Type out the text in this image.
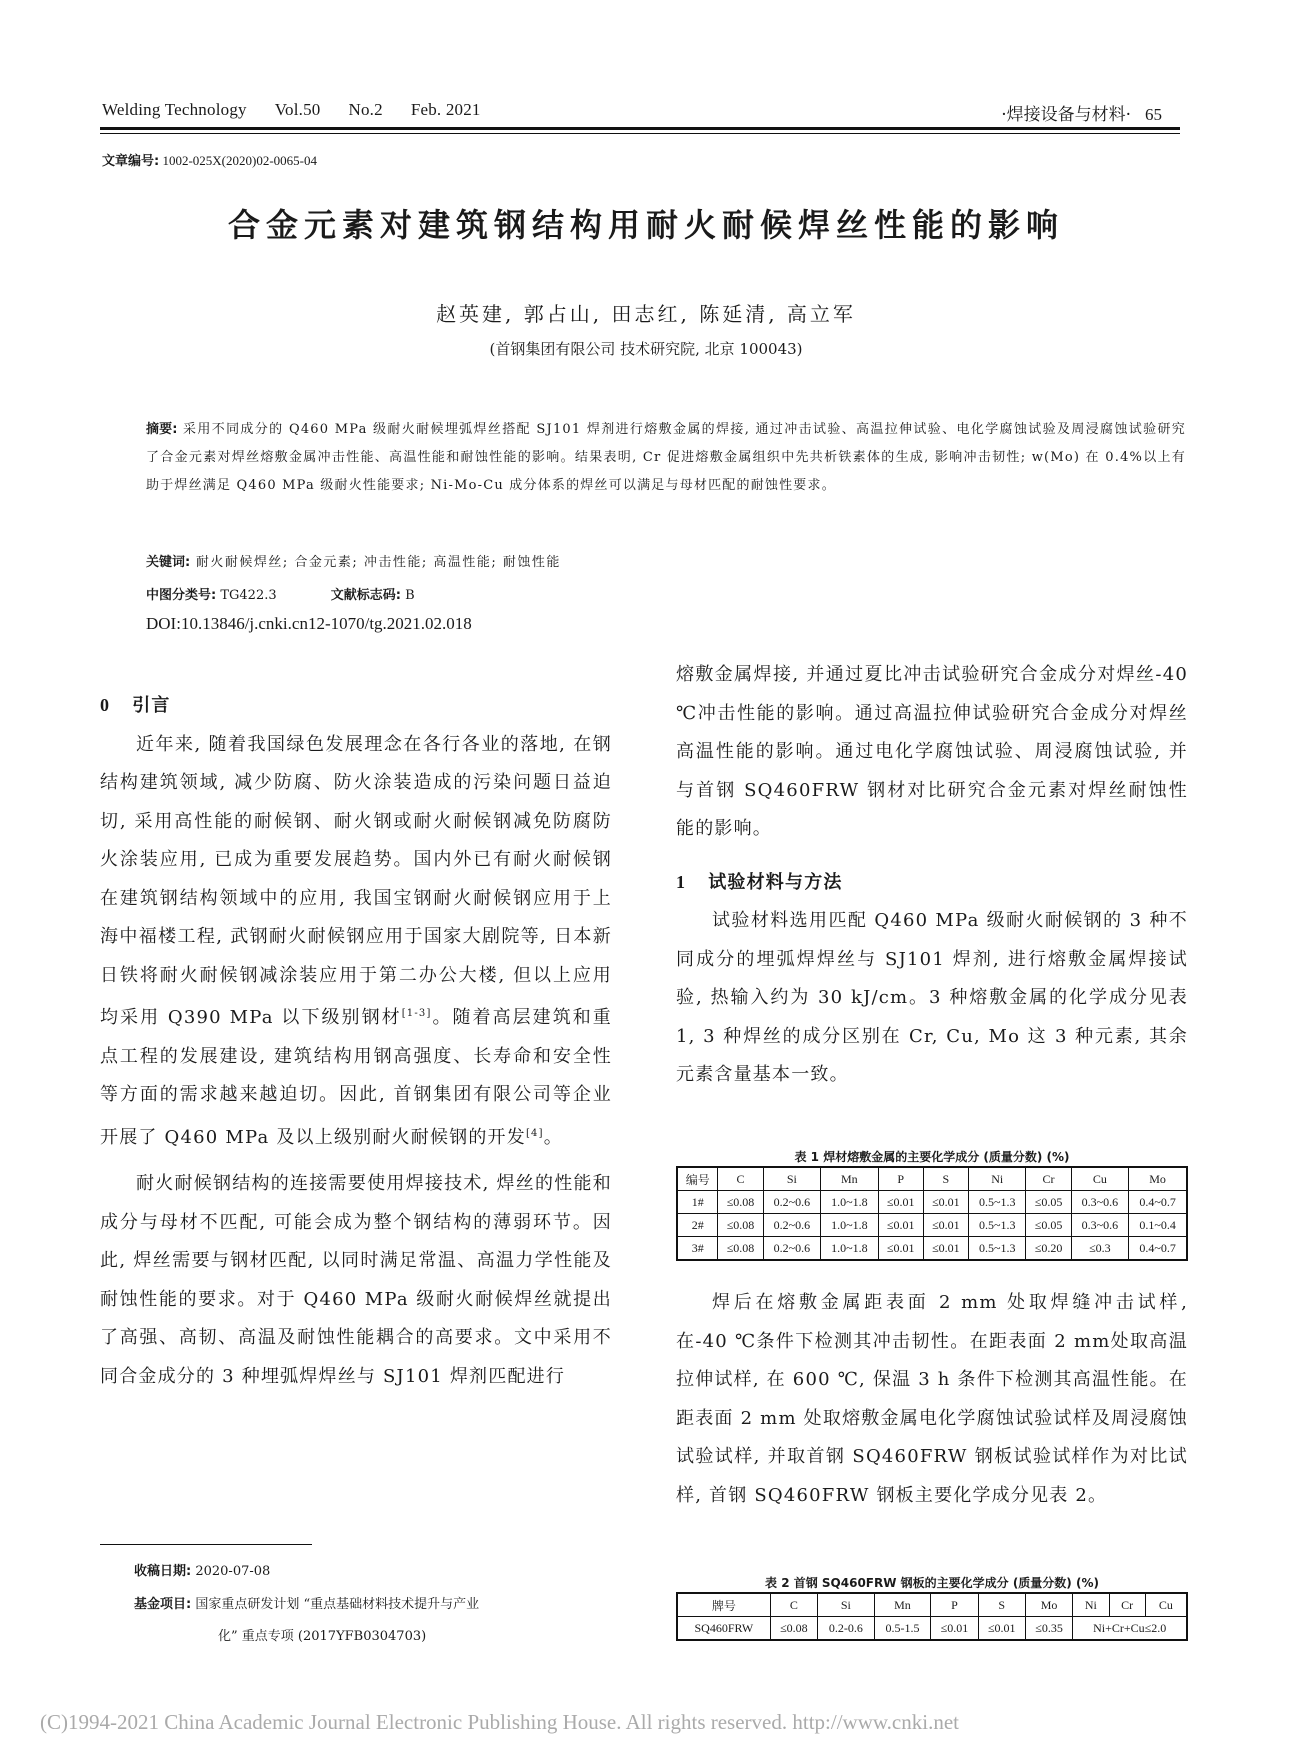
Welding Technology Vol.50 No.2 Feb. 2021	·焊接设备与材料· 65
文章编号: 1002-025X(2020)02-0065-04
合金元素对建筑钢结构用耐火耐候焊丝性能的影响
赵英建, 郭占山, 田志红, 陈延清, 高立军
(首钢集团有限公司 技术研究院, 北京 100043)
摘要: 采用不同成分的 Q460 MPa 级耐火耐候埋弧焊丝搭配 SJ101 焊剂进行熔敷金属的焊接, 通过冲击试验、高温拉伸试验、电化学腐蚀试验及周浸腐蚀试验研究了合金元素对焊丝熔敷金属冲击性能、高温性能和耐蚀性能的影响。结果表明, Cr 促进熔敷金属组织中先共析铁素体的生成, 影响冲击韧性; w(Mo) 在 0.4%以上有助于焊丝满足 Q460 MPa 级耐火性能要求; Ni-Mo-Cu 成分体系的焊丝可以满足与母材匹配的耐蚀性要求。
关键词: 耐火耐候焊丝; 合金元素; 冲击性能; 高温性能; 耐蚀性能
中图分类号: TG422.3	文献标志码: B
DOI:10.13846/j.cnki.cn12-1070/tg.2021.02.018
0 引言

近年来, 随着我国绿色发展理念在各行各业的落地, 在钢结构建筑领域, 减少防腐、防火涂装造成的污染问题日益迫切, 采用高性能的耐候钢、耐火钢或耐火耐候钢减免防腐防火涂装应用, 已成为重要发展趋势。国内外已有耐火耐候钢在建筑钢结构领域中的应用, 我国宝钢耐火耐候钢应用于上海中福楼工程, 武钢耐火耐候钢应用于国家大剧院等, 日本新日铁将耐火耐候钢减涂装应用于第二办公大楼, 但以上应用均采用 Q390 MPa 以下级别钢材[1-3]。随着高层建筑和重点工程的发展建设, 建筑结构用钢高强度、长寿命和安全性等方面的需求越来越迫切。因此, 首钢集团有限公司等企业开展了 Q460 MPa 及以上级别耐火耐候钢的开发[4]。

耐火耐候钢结构的连接需要使用焊接技术, 焊丝的性能和成分与母材不匹配, 可能会成为整个钢结构的薄弱环节。因此, 焊丝需要与钢材匹配, 以同时满足常温、高温力学性能及耐蚀性能的要求。对于 Q460 MPa 级耐火耐候焊丝就提出了高强、高韧、高温及耐蚀性能耦合的高要求。文中采用不同合金成分的 3 种埋弧焊焊丝与 SJ101 焊剂匹配进行

收稿日期: 2020-07-08
基金项目: 国家重点研发计划 “重点基础材料技术提升与产业
化” 重点专项 (2017YFB0304703)

熔敷金属焊接, 并通过夏比冲击试验研究合金成分对焊丝-40 ℃冲击性能的影响。通过高温拉伸试验研究合金成分对焊丝高温性能的影响。通过电化学腐蚀试验、周浸腐蚀试验, 并与首钢 SQ460FRW 钢材对比研究合金元素对焊丝耐蚀性能的影响。

1 试验材料与方法

试验材料选用匹配 Q460 MPa 级耐火耐候钢的 3 种不同成分的埋弧焊焊丝与 SJ101 焊剂, 进行熔敷金属焊接试验, 热输入约为 30 kJ/cm。3 种熔敷金属的化学成分见表 1, 3 种焊丝的成分区别在 Cr, Cu, Mo 这 3 种元素, 其余元素含量基本一致。

表 1 焊材熔敷金属的主要化学成分 (质量分数) (%)
编号	C	Si	Mn	P	S	Ni	Cr	Cu	Mo
1#	≤0.08	0.2~0.6	1.0~1.8	≤0.01	≤0.01	0.5~1.3	≤0.05	0.3~0.6	0.4~0.7
2#	≤0.08	0.2~0.6	1.0~1.8	≤0.01	≤0.01	0.5~1.3	≤0.05	0.3~0.6	0.1~0.4
3#	≤0.08	0.2~0.6	1.0~1.8	≤0.01	≤0.01	0.5~1.3	≤0.20	≤0.3	0.4~0.7

焊后在熔敷金属距表面 2 mm 处取焊缝冲击试样, 在-40 ℃条件下检测其冲击韧性。在距表面 2 mm处取高温拉伸试样, 在 600 ℃, 保温 3 h 条件下检测其高温性能。在距表面 2 mm 处取熔敷金属电化学腐蚀试验试样及周浸腐蚀试验试样, 并取首钢 SQ460FRW 钢板试验试样作为对比试样, 首钢 SQ460FRW 钢板主要化学成分见表 2。

表 2 首钢 SQ460FRW 钢板的主要化学成分 (质量分数) (%)
牌号	C	Si	Mn	P	S	Mo	Ni	Cr	Cu
SQ460FRW	≤0.08	0.2-0.6	0.5-1.5	≤0.01	≤0.01	≤0.35	Ni+Cr+Cu≤2.0		
(C)1994-2021 China Academic Journal Electronic Publishing House. All rights reserved. http://www.cnki.net
